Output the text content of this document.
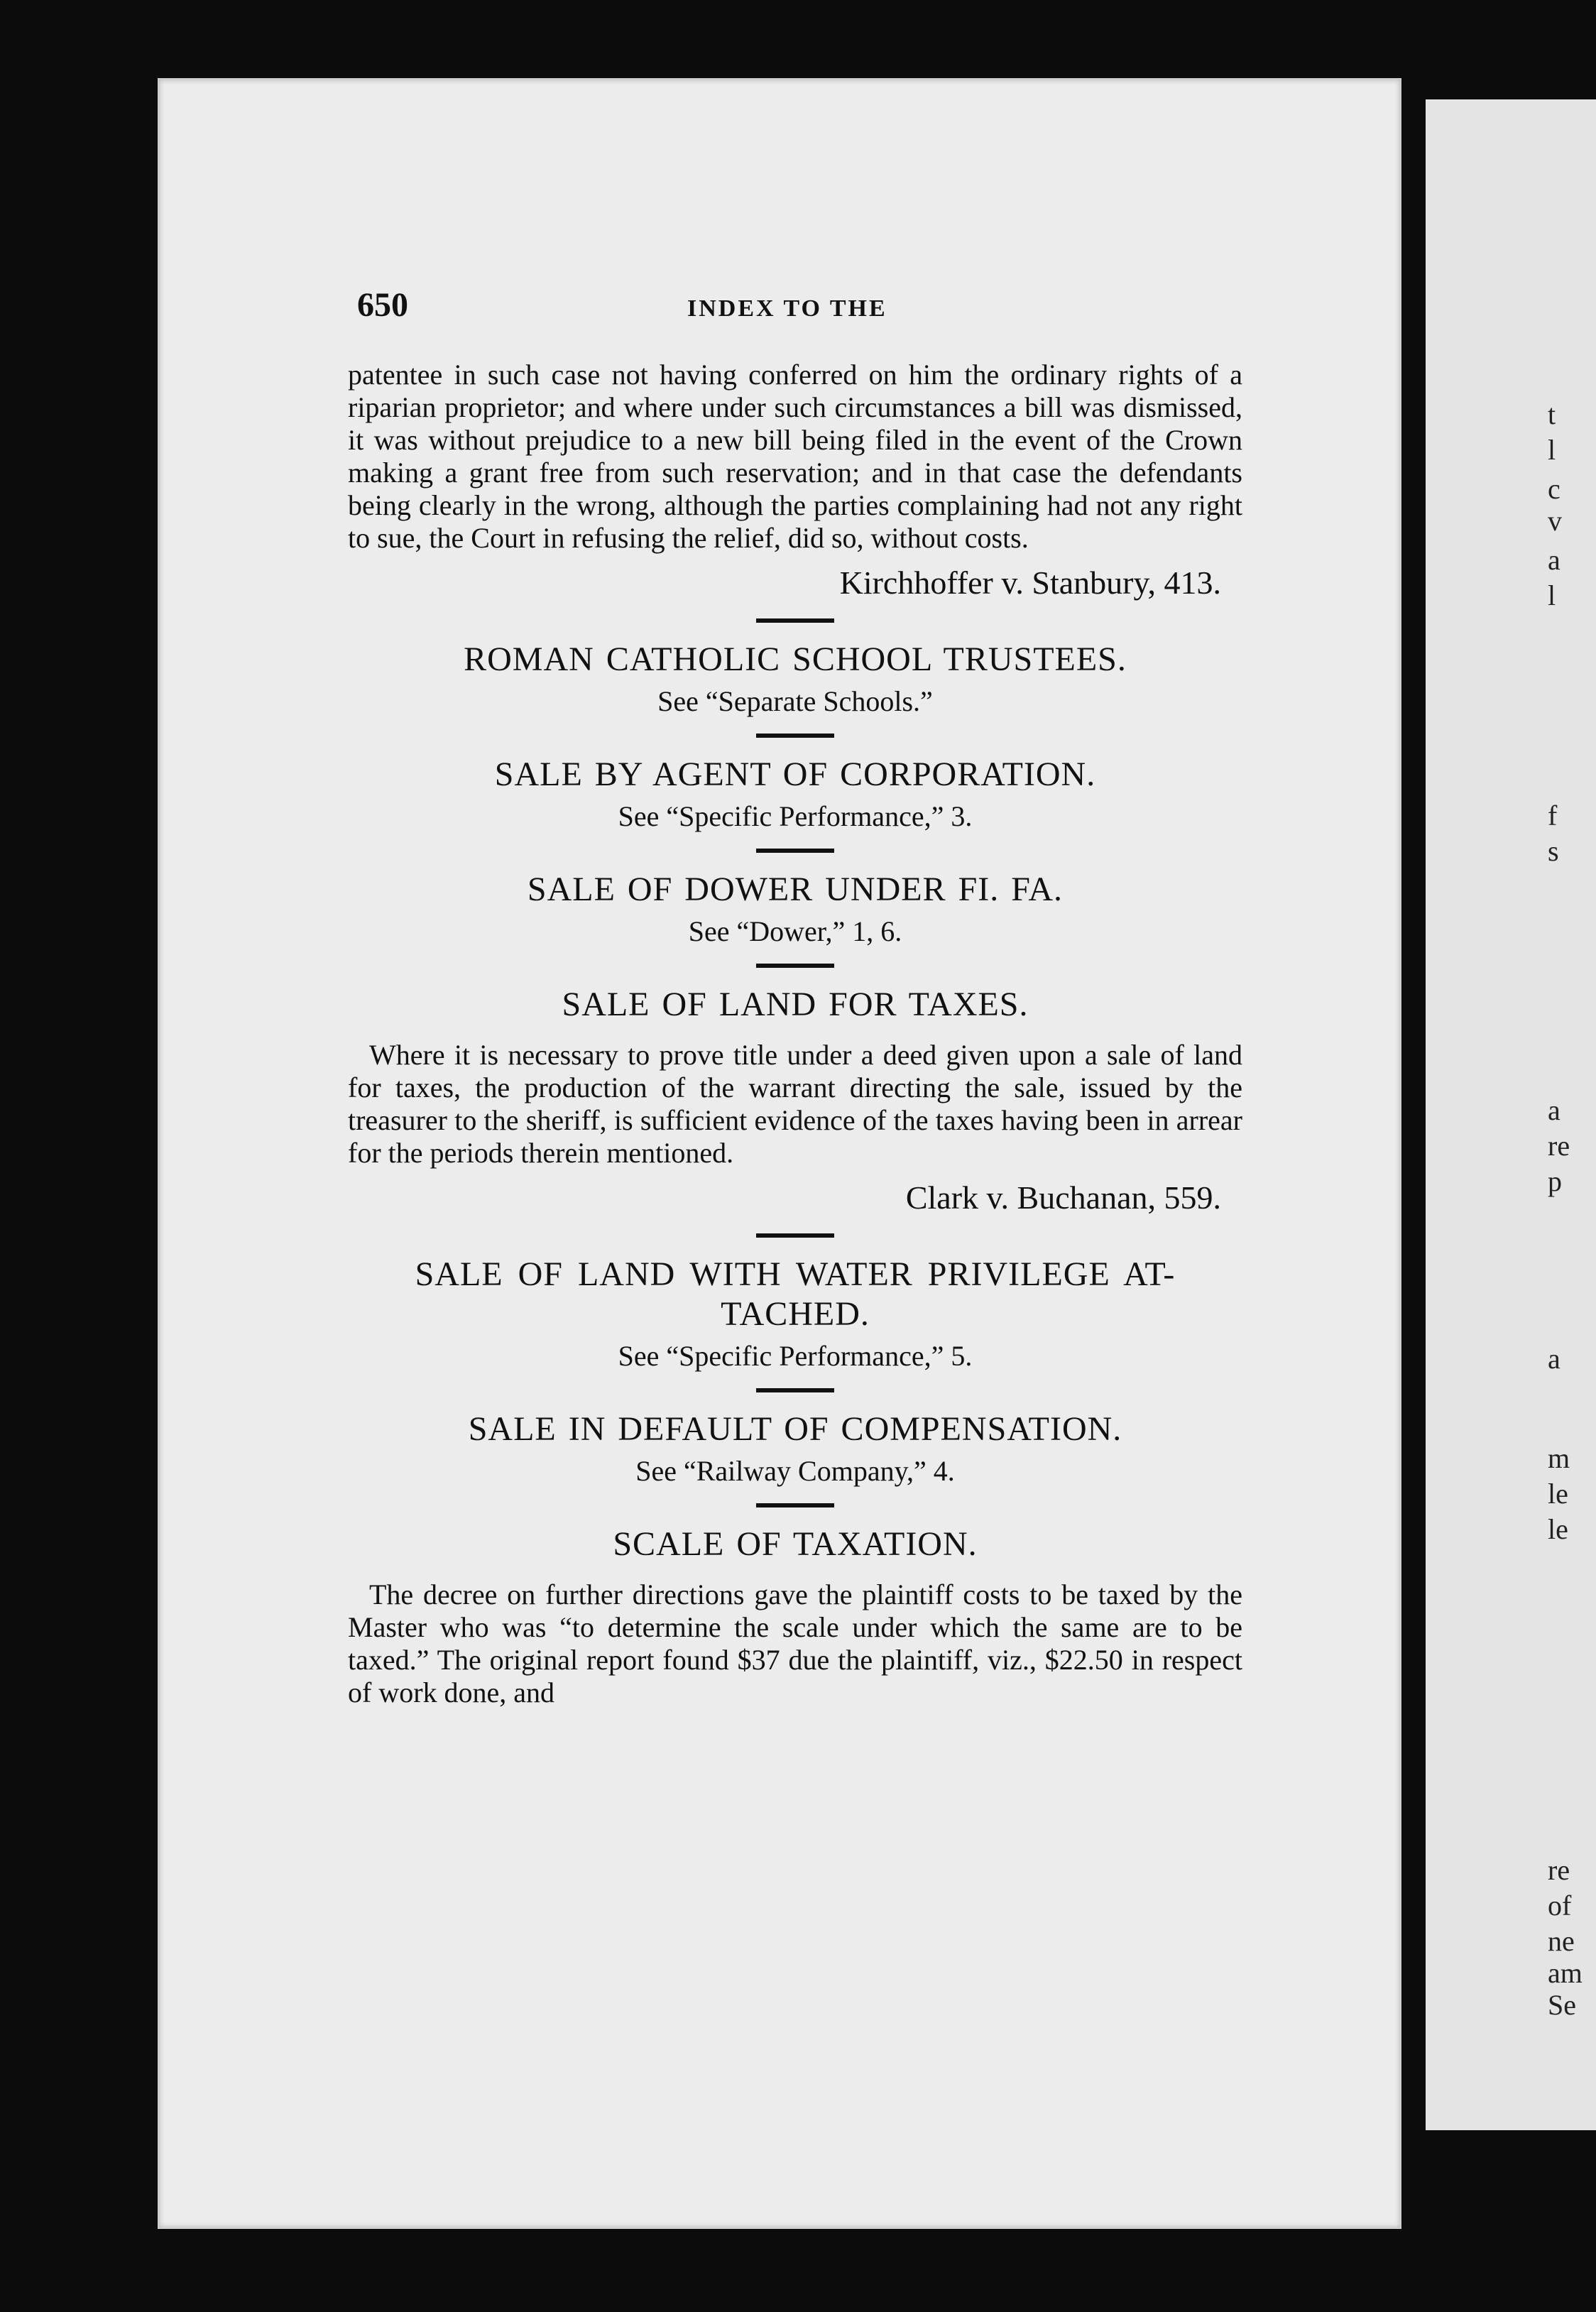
650	INDEX TO THE

patentee in such case not having conferred on him the ordinary rights of a riparian proprietor; and where under such circumstances a bill was dismissed, it was without prejudice to a new bill being filed in the event of the Crown making a grant free from such reservation; and in that case the defendants being clearly in the wrong, although the parties complaining had not any right to sue, the Court in refusing the relief, did so, without costs.

Kirchhoffer v. Stanbury, 413.

ROMAN CATHOLIC SCHOOL TRUSTEES.

See “Separate Schools.”

SALE BY AGENT OF CORPORATION.

See “Specific Performance,” 3.

SALE OF DOWER UNDER FI. FA.

See “Dower,” 1, 6.

SALE OF LAND FOR TAXES.

Where it is necessary to prove title under a deed given upon a sale of land for taxes, the production of the warrant directing the sale, issued by the treasurer to the sheriff, is sufficient evidence of the taxes having been in arrear for the periods therein mentioned.

Clark v. Buchanan, 559.

SALE OF LAND WITH WATER PRIVILEGE AT-

TACHED.

See “Specific Performance,” 5.

SALE IN DEFAULT OF COMPENSATION.

See “Railway Company,” 4.

SCALE OF TAXATION.

The decree on further directions gave the plaintiff costs to be taxed by the Master who was “to determine the scale under which the same are to be taxed.” The original report found $37 due the plaintiff, viz., $22.50 in respect of work done, and

t
l
c
v
a
l
f
s
a
re
p
a
m
le
le
re
of
ne
am
Se
